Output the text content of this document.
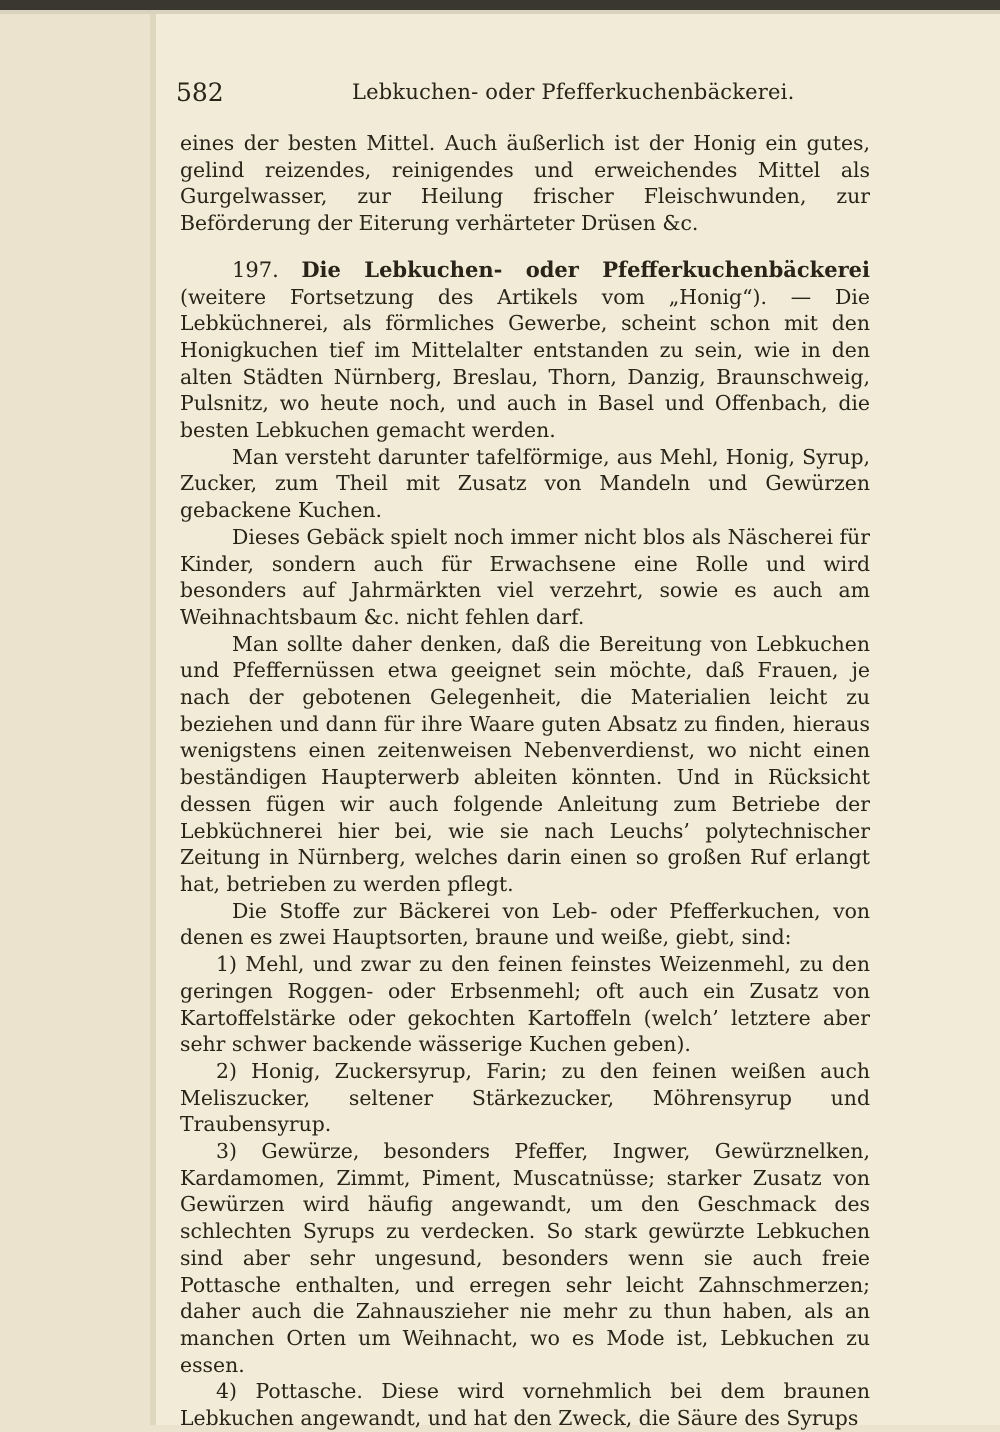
582	Lebkuchen- oder Pfefferkuchenbäckerei.

eines der besten Mittel. Auch äußerlich ist der Honig ein gutes, gelind reizendes, reinigendes und erweichendes Mittel als Gurgelwasser, zur Heilung frischer Fleischwunden, zur Beförderung der Eiterung verhärteter Drüsen &c.

197. Die Lebkuchen- oder Pfefferkuchenbäckerei (weitere Fortsetzung des Artikels vom „Honig“). — Die Lebküchnerei, als förmliches Gewerbe, scheint schon mit den Honigkuchen tief im Mittelalter entstanden zu sein, wie in den alten Städten Nürnberg, Breslau, Thorn, Danzig, Braunschweig, Pulsnitz, wo heute noch, und auch in Basel und Offenbach, die besten Lebkuchen gemacht werden.

Man versteht darunter tafelförmige, aus Mehl, Honig, Syrup, Zucker, zum Theil mit Zusatz von Mandeln und Gewürzen gebackene Kuchen.

Dieses Gebäck spielt noch immer nicht blos als Näscherei für Kinder, sondern auch für Erwachsene eine Rolle und wird besonders auf Jahrmärkten viel verzehrt, sowie es auch am Weihnachtsbaum &c. nicht fehlen darf.

Man sollte daher denken, daß die Bereitung von Lebkuchen und Pfeffernüssen etwa geeignet sein möchte, daß Frauen, je nach der gebotenen Gelegenheit, die Materialien leicht zu beziehen und dann für ihre Waare guten Absatz zu finden, hieraus wenigstens einen zeitenweisen Nebenverdienst, wo nicht einen beständigen Haupterwerb ableiten könnten. Und in Rücksicht dessen fügen wir auch folgende Anleitung zum Betriebe der Lebküchnerei hier bei, wie sie nach Leuchs’ polytechnischer Zeitung in Nürnberg, welches darin einen so großen Ruf erlangt hat, betrieben zu werden pflegt.

Die Stoffe zur Bäckerei von Leb- oder Pfefferkuchen, von denen es zwei Hauptsorten, braune und weiße, giebt, sind:

1) Mehl, und zwar zu den feinen feinstes Weizenmehl, zu den geringen Roggen- oder Erbsenmehl; oft auch ein Zusatz von Kartoffelstärke oder gekochten Kartoffeln (welch’ letztere aber sehr schwer backende wässerige Kuchen geben).

2) Honig, Zuckersyrup, Farin; zu den feinen weißen auch Meliszucker, seltener Stärkezucker, Möhrensyrup und Traubensyrup.

3) Gewürze, besonders Pfeffer, Ingwer, Gewürznelken, Kardamomen, Zimmt, Piment, Muscatnüsse; starker Zusatz von Gewürzen wird häufig angewandt, um den Geschmack des schlechten Syrups zu verdecken. So stark gewürzte Lebkuchen sind aber sehr ungesund, besonders wenn sie auch freie Pottasche enthalten, und erregen sehr leicht Zahnschmerzen; daher auch die Zahnauszieher nie mehr zu thun haben, als an manchen Orten um Weihnacht, wo es Mode ist, Lebkuchen zu essen.

4) Pottasche. Diese wird vornehmlich bei dem braunen Lebkuchen angewandt, und hat den Zweck, die Säure des Syrups
